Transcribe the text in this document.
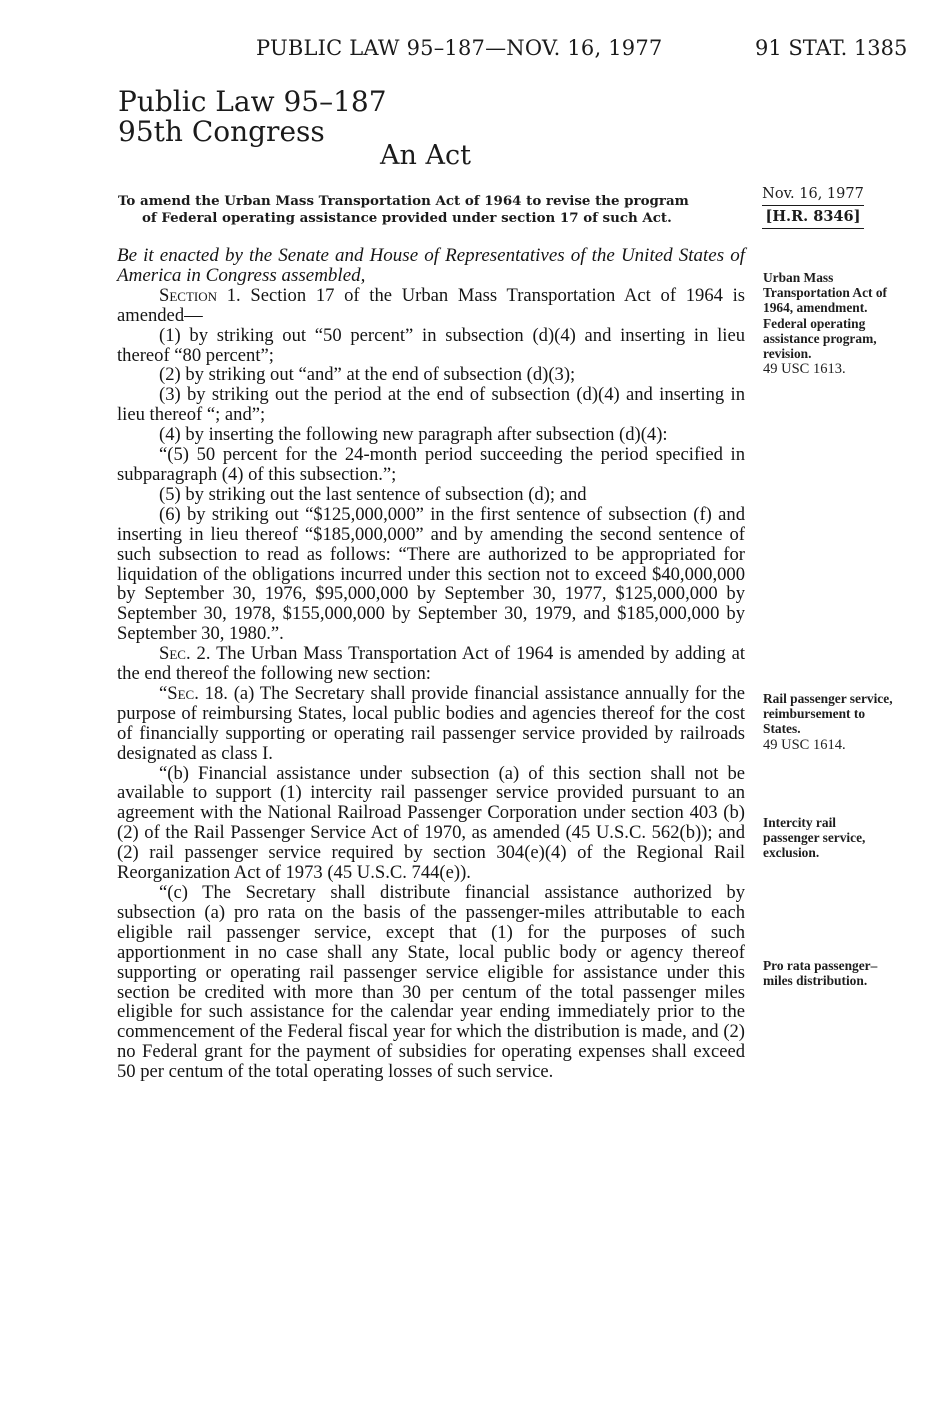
PUBLIC LAW 95–187—NOV. 16, 1977	91 STAT. 1385
Public Law 95–187
95th Congress
An Act
To amend the Urban Mass Transportation Act of 1964 to revise the program
of Federal operating assistance provided under section 17 of such Act.
Nov. 16, 1977
[H.R. 8346]

Be it enacted by the Senate and House of Representatives of the United States of America in Congress assembled,

Section 1. Section 17 of the Urban Mass Transportation Act of 1964 is amended—

(1) by striking out “50 percent” in subsection (d)(4) and inserting in lieu thereof “80 percent”;

(2) by striking out “and” at the end of subsection (d)(3);

(3) by striking out the period at the end of subsection (d)(4) and inserting in lieu thereof “; and”;

(4) by inserting the following new paragraph after subsection (d)(4):

“(5) 50 percent for the 24-month period succeeding the period specified in subparagraph (4) of this subsection.”;

(5) by striking out the last sentence of subsection (d); and

(6) by striking out “$125,000,000” in the first sentence of subsection (f) and inserting in lieu thereof “$185,000,000” and by amending the second sentence of such subsection to read as follows: “There are authorized to be appropriated for liquidation of the obligations incurred under this section not to exceed $40,000,000 by September 30, 1976, $95,000,000 by September 30, 1977, $125,000,000 by September 30, 1978, $155,000,000 by September 30, 1979, and $185,000,000 by September 30, 1980.”.

Sec. 2. The Urban Mass Transportation Act of 1964 is amended by adding at the end thereof the following new section:

“Sec. 18. (a) The Secretary shall provide financial assistance annually for the purpose of reimbursing States, local public bodies and agencies thereof for the cost of financially supporting or operating rail passenger service provided by railroads designated as class I.

“(b) Financial assistance under subsection (a) of this section shall not be available to support (1) intercity rail passenger service provided pursuant to an agreement with the National Railroad Passenger Corporation under section 403 (b)(2) of the Rail Passenger Service Act of 1970, as amended (45 U.S.C. 562(b)); and (2) rail passenger service required by section 304(e)(4) of the Regional Rail Reorganization Act of 1973 (45 U.S.C. 744(e)).

“(c) The Secretary shall distribute financial assistance authorized by subsection (a) pro rata on the basis of the passenger-miles attributable to each eligible rail passenger service, except that (1) for the purposes of such apportionment in no case shall any State, local public body or agency thereof supporting or operating rail passenger service eligible for assistance under this section be credited with more than 30 per centum of the total passenger miles eligible for such assistance for the calendar year ending immediately prior to the commencement of the Federal fiscal year for which the distribution is made, and (2) no Federal grant for the payment of subsidies for operating expenses shall exceed 50 per centum of the total operating losses of such service.

Urban Mass Transportation Act of 1964, amendment. Federal operating assistance program, revision.
49 USC 1613.
Rail passenger service, reimbursement to States.
49 USC 1614.
Intercity rail passenger service, exclusion.
Pro rata passenger–miles distribution.
